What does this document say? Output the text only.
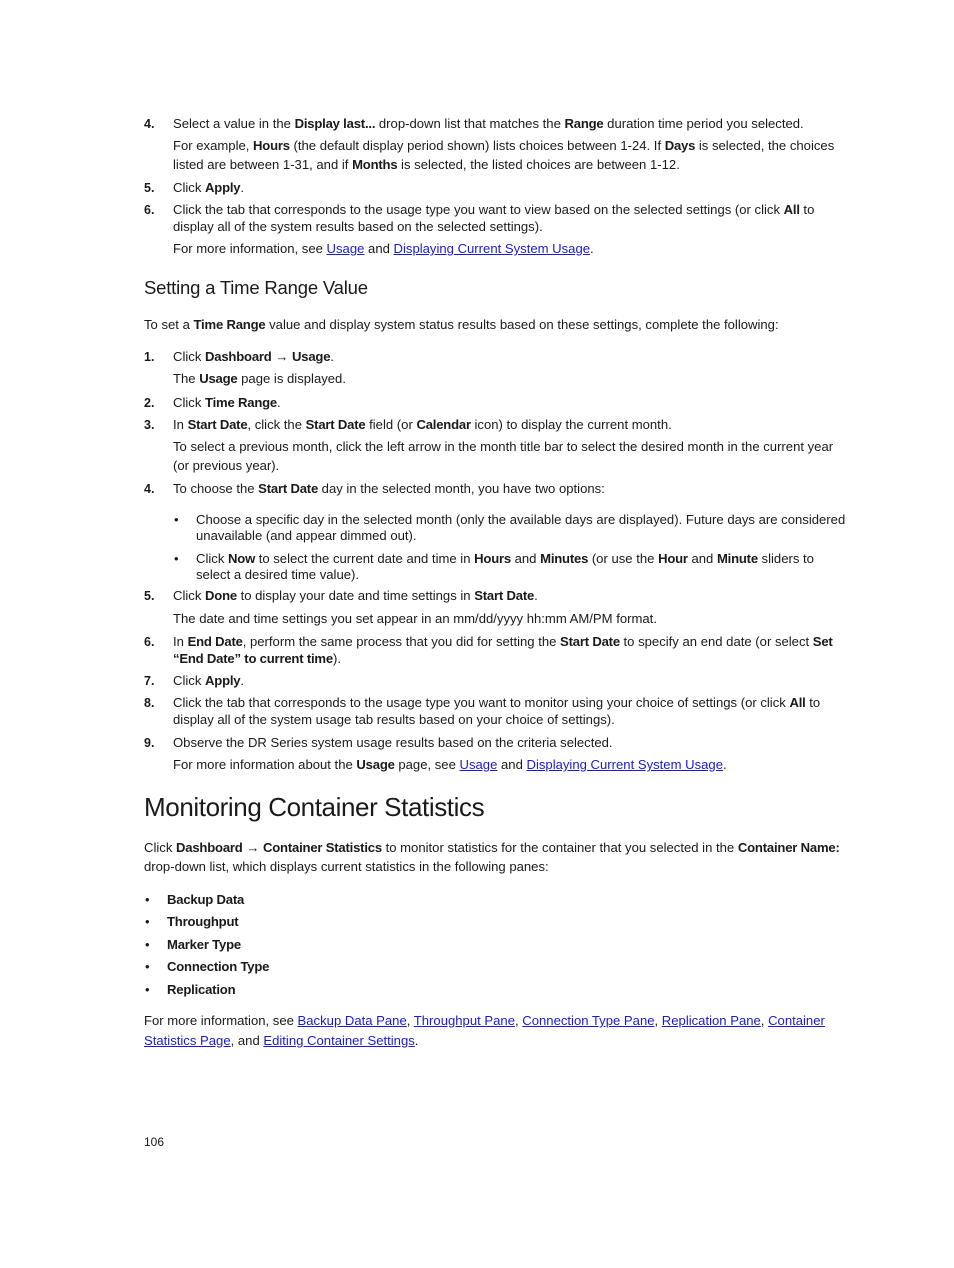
4. Select a value in the Display last... drop-down list that matches the Range duration time period you selected.
For example, Hours (the default display period shown) lists choices between 1-24. If Days is selected, the choices
listed are between 1-31, and if Months is selected, the listed choices are between 1-12.
5. Click Apply.
6. Click the tab that corresponds to the usage type you want to view based on the selected settings (or click All to
display all of the system results based on the selected settings).
For more information, see Usage and Displaying Current System Usage.
Setting a Time Range Value
To set a Time Range value and display system status results based on these settings, complete the following:
1. Click Dashboard → Usage.
The Usage page is displayed.
2. Click Time Range.
3. In Start Date, click the Start Date field (or Calendar icon) to display the current month.
To select a previous month, click the left arrow in the month title bar to select the desired month in the current year
(or previous year).
4. To choose the Start Date day in the selected month, you have two options:
• Choose a specific day in the selected month (only the available days are displayed). Future days are considered
unavailable (and appear dimmed out).
• Click Now to select the current date and time in Hours and Minutes (or use the Hour and Minute sliders to
select a desired time value).
5. Click Done to display your date and time settings in Start Date.
The date and time settings you set appear in an mm/dd/yyyy hh:mm AM/PM format.
6. In End Date, perform the same process that you did for setting the Start Date to specify an end date (or select Set
“End Date” to current time).
7. Click Apply.
8. Click the tab that corresponds to the usage type you want to monitor using your choice of settings (or click All to
display all of the system usage tab results based on your choice of settings).
9. Observe the DR Series system usage results based on the criteria selected.
For more information about the Usage page, see Usage and Displaying Current System Usage.
Monitoring Container Statistics
Click Dashboard → Container Statistics to monitor statistics for the container that you selected in the Container Name:
drop-down list, which displays current statistics in the following panes:
• Backup Data
• Throughput
• Marker Type
• Connection Type
• Replication
For more information, see Backup Data Pane, Throughput Pane, Connection Type Pane, Replication Pane, Container
Statistics Page, and Editing Container Settings.
106
